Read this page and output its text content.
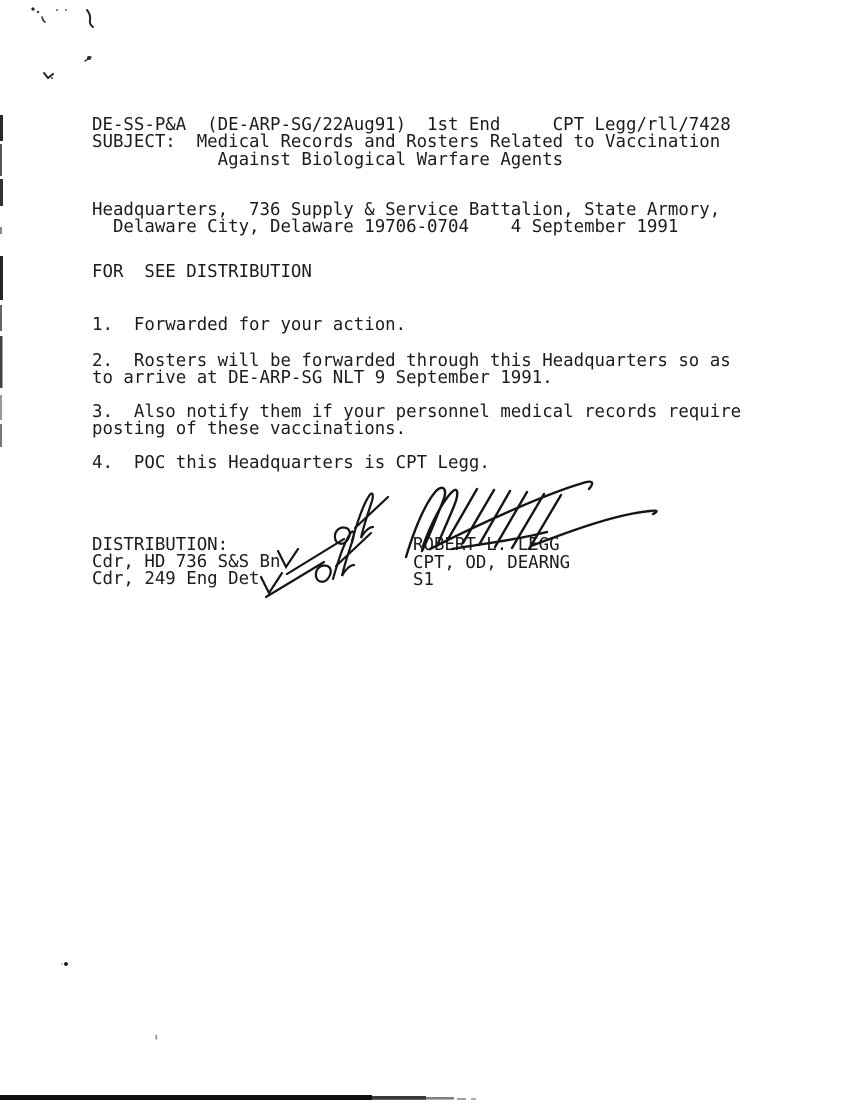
DE-SS-P&A  (DE-ARP-SG/22Aug91)  1st End     CPT Legg/rll/7428
SUBJECT:  Medical Records and Rosters Related to Vaccination
Against Biological Warfare Agents
Headquarters,  736 Supply & Service Battalion, State Armory,
Delaware City, Delaware 19706-0704    4 September 1991
FOR  SEE DISTRIBUTION
1.  Forwarded for your action.
2.  Rosters will be forwarded through this Headquarters so as
to arrive at DE-ARP-SG NLT 9 September 1991.
3.  Also notify them if your personnel medical records require
posting of these vaccinations.
4.  POC this Headquarters is CPT Legg.
DISTRIBUTION:
Cdr, HD 736 S&S Bn
Cdr, 249 Eng Det
ROBERT L. LEGG
CPT, OD, DEARNG
S1
